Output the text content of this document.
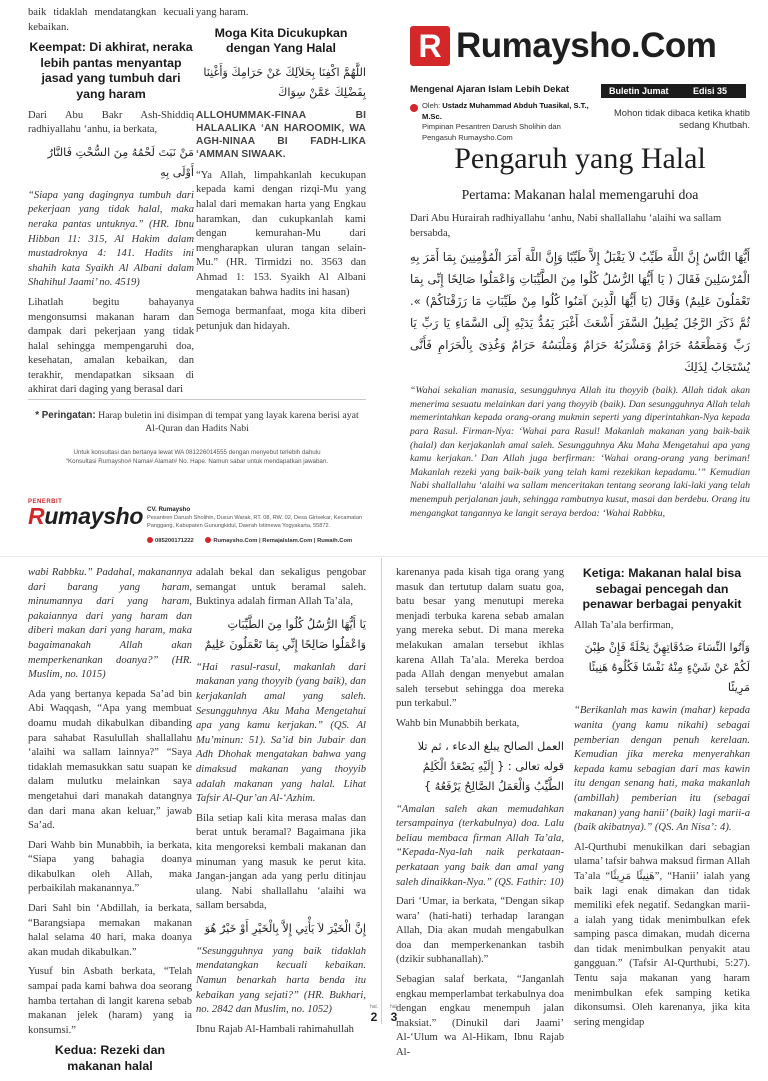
baik tidaklah mendatangkan kecuali kebaikan.

Keempat: Di akhirat, neraka lebih pantas menyantap jasad yang tumbuh dari yang haram

Dari Abu Bakr Ash-Shiddiq radhiyallahu ‘anhu, ia berkata,

مَنْ نَبَتَ لَحْمُهُ مِنَ السُّحْتِ فَالنَّارُ أَوْلَى بِهِ

“Siapa yang dagingnya tumbuh dari pekerjaan yang tidak halal, maka neraka pantas untuknya.” (HR. Ibnu Hibban 11: 315, Al Hakim dalam mustadroknya 4: 141. Hadits ini shahih kata Syaikh Al Albani dalam Shahihul Jaami’ no. 4519)

Lihatlah begitu bahayanya mengonsumsi makanan haram dan dampak dari pekerjaan yang tidak halal sehingga mempengaruhi doa, kesehatan, amalan kebaikan, dan terakhir, mendapatkan siksaan di akhirat dari daging yang berasal dari

yang haram.

Moga Kita Dicukupkan dengan Yang Halal
اللَّهُمَّ اكْفِنَا بِحَلاَلِكَ عَنْ حَرَامِكَ وَأَغْنِنَا بِفَضْلِكَ عَمَّنْ سِوَاكَ

ALLOHUMMAK-FINAA BI HALAALIKA ‘AN HAROOMIK, WA AGH-NINAA BI FADH-LIKA ‘AMMAN SIWAAK.

“Ya Allah, limpahkanlah kecukupan kepada kami dengan rizqi-Mu yang halal dari memakan harta yang Engkau haramkan, dan cukupkanlah kami dengan kemurahan-Mu dari mengharapkan uluran tangan selain-Mu.” (HR. Tirmidzi no. 3563 dan Ahmad 1: 153. Syaikh Al Albani mengatakan bahwa hadits ini hasan)

Semoga bermanfaat, moga kita diberi petunjuk dan hidayah.

R Rumaysho.Com
Mengenal Ajaran Islam Lebih Dekat	Buletin Jumat	Edisi 35
Oleh: Ustadz Muhammad Abduh Tuasikal, S.T., M.Sc.
Pimpinan Pesantren Darush Sholihin dan
Pengasuh Rumaysho.Com
Mohon tidak dibaca ketika khatib sedang Khutbah.
Pengaruh yang Halal
Pertama: Makanan halal memengaruhi doa

Dari Abu Hurairah radhiyallahu ‘anhu, Nabi shallallahu ‘alaihi wa sallam bersabda,

أَيُّهَا النَّاسُ إِنَّ اللَّهَ طَيِّبٌ لاَ يَقْبَلُ إِلاَّ طَيِّبًا وَإِنَّ اللَّهَ أَمَرَ الْمُؤْمِنِينَ بِمَا أَمَرَ بِهِ الْمُرْسَلِينَ فَقَالَ ( يَا أَيُّهَا الرُّسُلُ كُلُوا مِنَ الطَّيِّبَاتِ وَاعْمَلُوا صَالِحًا إِنِّى بِمَا تَعْمَلُونَ عَلِيمٌ) وَقَالَ (يَا أَيُّهَا الَّذِينَ آمَنُوا كُلُوا مِنْ طَيِّبَاتِ مَا رَزَقْنَاكُمْ) ». ثُمَّ ذَكَرَ الرَّجُلَ يُطِيلُ السَّفَرَ أَشْعَثَ أَغْبَرَ يَمُدُّ يَدَيْهِ إِلَى السَّمَاءِ يَا رَبِّ يَا رَبِّ وَمَطْعَمُهُ حَرَامٌ وَمَشْرَبُهُ حَرَامٌ وَمَلْبَسُهُ حَرَامٌ وَغُذِىَ بِالْحَرَامِ فَأَنَّى يُسْتَجَابُ لِذَلِكَ

“Wahai sekalian manusia, sesungguhnya Allah itu thoyyib (baik). Allah tidak akan menerima sesuatu melainkan dari yang thoyyib (baik). Dan sesungguhnya Allah telah memerintahkan kepada orang-orang mukmin seperti yang diperintahkan-Nya kepada para Rasul. Firman-Nya: ‘Wahai para Rasul! Makanlah makanan yang baik-baik (halal) dan kerjakanlah amal saleh. Sesungguhnya Aku Maha Mengetahui apa yang kamu kerjakan.’ Dan Allah juga berfirman: ‘Wahai orang-orang yang beriman! Makanlah rezeki yang baik-baik yang telah kami rezekikan kepadamu.’” Kemudian Nabi shallallahu ‘alaihi wa sallam menceritakan tentang seorang laki-laki yang telah menempuh perjalanan jauh, sehingga rambutnya kusut, masai dan berdebu. Orang itu mengangkat tangannya ke langit seraya berdoa: ‘Wahai Rabbku,

* Peringatan: Harap buletin ini disimpan di tempat yang layak karena berisi ayat Al-Quran dan Hadits Nabi
Untuk konsultasi dan bertanya lewat WA 081226014555 dengan menyebut terlebih dahulu
“Konsultasi Rumaysho# Nama# Alamat# No. Hape. Namun sabar untuk mendapatkan jawaban.
PENERBIT
Rumaysho CV. Rumaysho
Pesantren Darush Sholihin, Dusun Warak, RT. 08, RW. 02, Desa Girisekar, Kecamatan Panggang, Kabupaten Gunungkidul, Daerah Istimewa Yogyakarta, 55872.
085200171222	Rumaysho.Com | RemajaIslam.Com | Ruwaih.Com

wabi Rabbku.” Padahal, makanannya dari barang yang haram, minumannya dari yang haram, pakaiannya dari yang haram dan diberi makan dari yang haram, maka bagaimanakah Allah akan memperkenankan doanya?” (HR. Muslim, no. 1015)

Ada yang bertanya kepada Sa’ad bin Abi Waqqash, “Apa yang membuat doamu mudah dikabulkan dibanding para sahabat Rasulullah shallallahu ‘alaihi wa sallam lainnya?” “Saya tidaklah memasukkan satu suapan ke dalam mulutku melainkan saya mengetahui dari manakah datangnya dan dari mana akan keluar,” jawab Sa’ad.

Dari Wahb bin Munabbih, ia berkata, “Siapa yang bahagia doanya dikabulkan oleh Allah, maka perbaikilah makanannya.”

Dari Sahl bin ‘Abdillah, ia berkata, “Barangsiapa memakan makanan halal selama 40 hari, maka doanya akan mudah dikabulkan.”

Yusuf bin Asbath berkata, “Telah sampai pada kami bahwa doa seorang hamba tertahan di langit karena sebab makanan jelek (haram) yang ia konsumsi.”

Kedua: Rezeki dan makanan halal

adalah bekal dan sekaligus pengobar semangat untuk beramal saleh. Buktinya adalah firman Allah Ta’ala,

يَا أَيُّهَا الرُّسُلُ كُلُوا مِنَ الطَّيِّبَاتِ وَاعْمَلُوا صَالِحًا إِنِّي بِمَا تَعْمَلُونَ عَلِيمٌ

“Hai rasul-rasul, makanlah dari makanan yang thoyyib (yang baik), dan kerjakanlah amal yang saleh. Sesungguhnya Aku Maha Mengetahui apa yang kamu kerjakan.” (QS. Al Mu’minun: 51). Sa’id bin Jubair dan Adh Dhohak mengatakan bahwa yang dimaksud makanan yang thoyyib adalah makanan yang halal. Lihat Tafsir Al-Qur’an Al-‘Azhim.

Bila setiap kali kita merasa malas dan berat untuk beramal? Bagaimana jika kita mengoreksi kembali makanan dan minuman yang masuk ke perut kita. Jangan-jangan ada yang perlu ditinjau ulang. Nabi shallallahu ‘alaihi wa sallam bersabda,

إِنَّ الْخَيْرَ لاَ يَأْتِي إِلاَّ بِالْخَيْرِ أَوْ خَيْرٌ هُوَ

“Sesungguhnya yang baik tidaklah mendatangkan kecuali kebaikan. Namun benarkah harta benda itu kebaikan yang sejati?” (HR. Bukhari, no. 2842 dan Muslim, no. 1052)

Ibnu Rajab Al-Hambali rahimahullah

karenanya pada kisah tiga orang yang masuk dan tertutup dalam suatu goa, batu besar yang menutupi mereka menjadi terbuka karena sebab amalan yang mereka sebut. Di mana mereka melakukan amalan tersebut ikhlas karena Allah Ta’ala. Mereka berdoa pada Allah dengan menyebut amalan saleh tersebut sehingga doa mereka pun terkabul.”

Wahb bin Munabbih berkata,

العمل الصالح يبلغ الدعاء ، ثم تلا قوله تعالى : { إِلَيْهِ يَصْعَدُ الْكَلِمُ الطَّيِّبُ وَالْعَمَلُ الصَّالِحُ يَرْفَعُهُ }

“Amalan saleh akan memudahkan tersampainya (terkabulnya) doa. Lalu beliau membaca firman Allah Ta’ala, “Kepada-Nya-lah naik perkataan-perkataan yang baik dan amal yang saleh dinaikkan-Nya.” (QS. Fathir: 10)

Dari ‘Umar, ia berkata, “Dengan sikap wara’ (hati-hati) terhadap larangan Allah, Dia akan mudah mengabulkan doa dan memperkenankan tasbih (dzikir subhanallah).”

Sebagian salaf berkata, “Janganlah engkau memperlambat terkabulnya doa dengan engkau menempuh jalan maksiat.” (Dinukil dari Jaami’ Al-‘Ulum wa Al-Hikam, Ibnu Rajab Al-

Ketiga: Makanan halal bisa sebagai pencegah dan penawar berbagai penyakit

Allah Ta’ala berfirman,

وَآتُوا النِّسَاءَ صَدُقَاتِهِنَّ نِحْلَةً فَإِنْ طِبْنَ لَكُمْ عَنْ شَيْءٍ مِنْهُ نَفْسًا فَكُلُوهُ هَنِيئًا مَرِيئًا

“Berikanlah mas kawin (mahar) kepada wanita (yang kamu nikahi) sebagai pemberian dengan penuh kerelaan. Kemudian jika mereka menyerahkan kepada kamu sebagian dari mas kawin itu dengan senang hati, maka makanlah (ambillah) pemberian itu (sebagai makanan) yang hanii’ (baik) lagi marii-a (baik akibatnya).” (QS. An Nisa’: 4).

Al-Qurthubi menukilkan dari sebagian ulama’ tafsir bahwa maksud firman Allah Ta’ala “هَنِيئًا مَرِيئًا”, “Hanii’ ialah yang baik lagi enak dimakan dan tidak memiliki efek negatif. Sedangkan marii-a ialah yang tidak menimbulkan efek samping pasca dimakan, mudah dicerna dan tidak menimbulkan penyakit atau gangguan.” (Tafsir Al-Qurthubi, 5:27). Tentu saja makanan yang haram menimbulkan efek samping ketika dikonsumsi. Oleh karenanya, jika kita sering mengidap

hal.
2
hal.
3
